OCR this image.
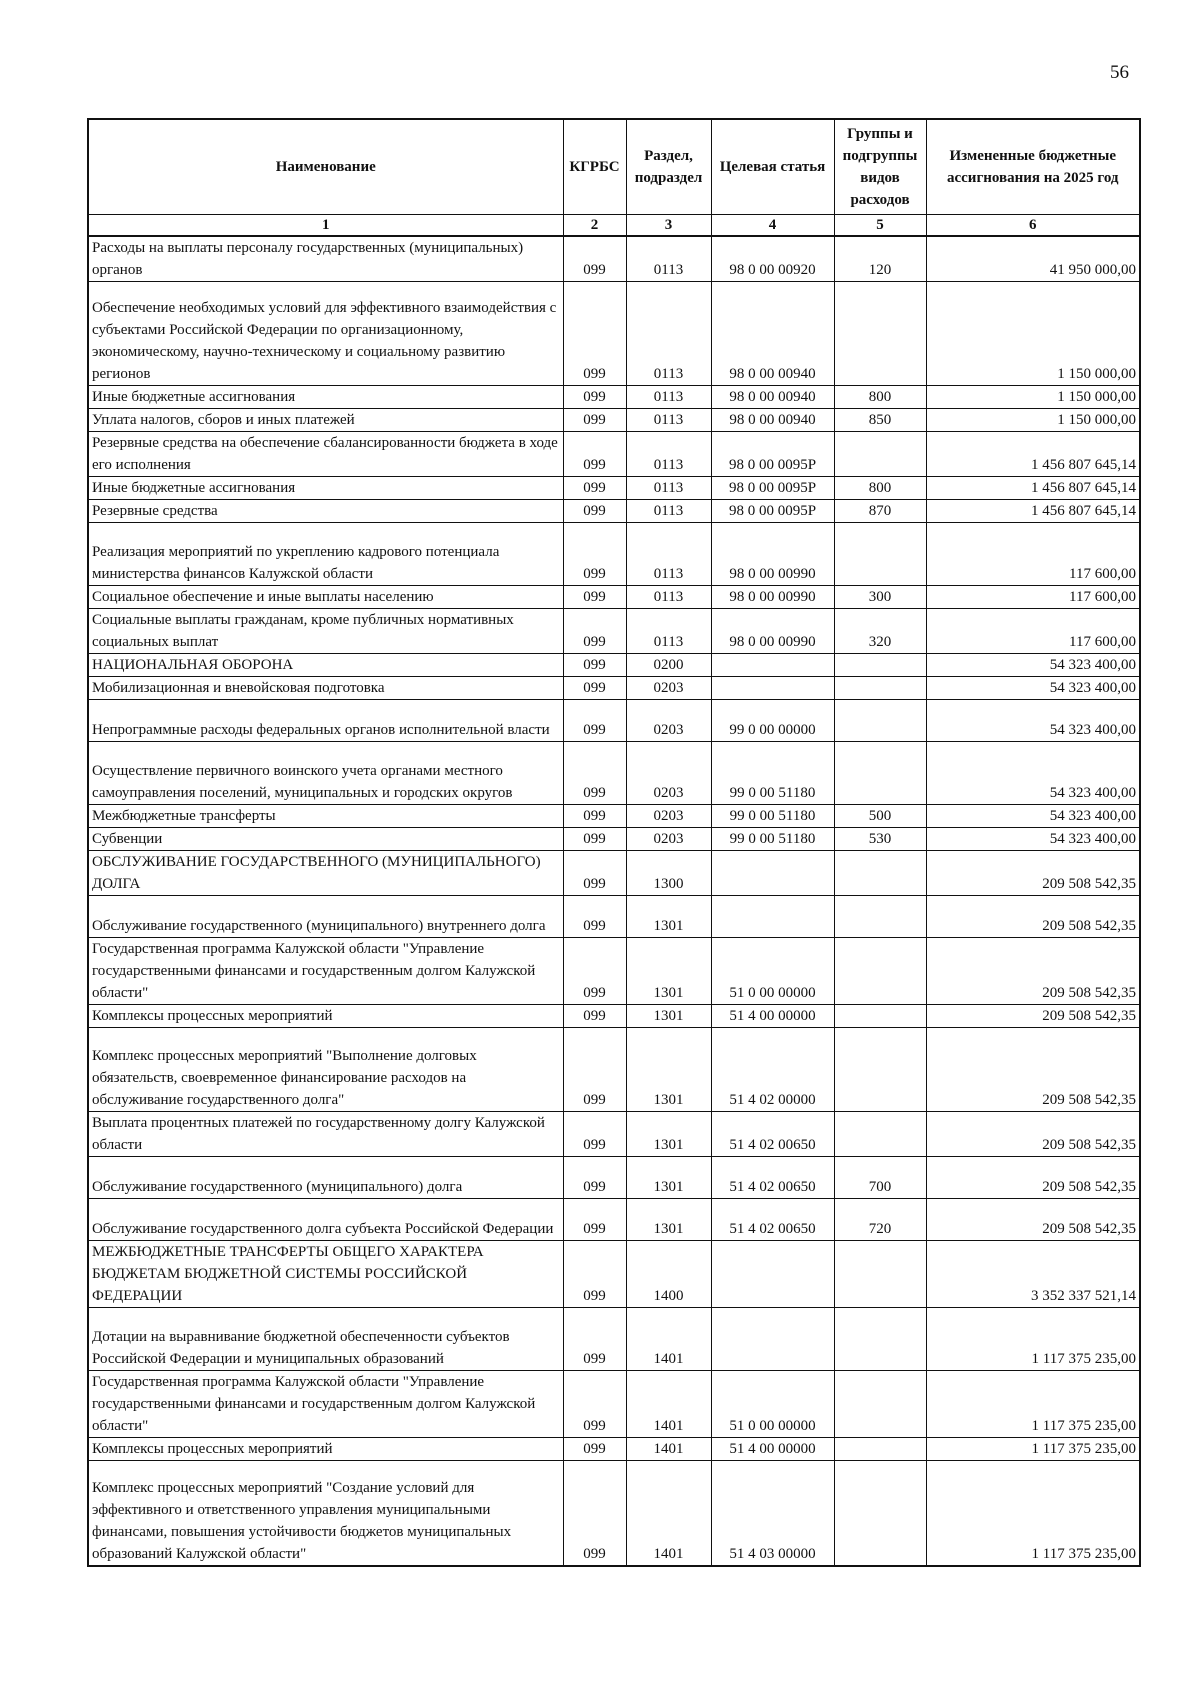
56
Наименование	КГРБС	Раздел, подраздел	Целевая статья	Группы и подгруппы видов расходов	Измененные бюджетные ассигнования на 2025 год
1	2	3	4	5	6
Расходы на выплаты персоналу государственных (муниципальных) органов	099	0113	98 0 00 00920	120	41 950 000,00
Обеспечение необходимых условий для эффективного взаимодействия с субъектами Российской Федерации по организационному, экономическому, научно-техническому и социальному развитию регионов	099	0113	98 0 00 00940		1 150 000,00
Иные бюджетные ассигнования	099	0113	98 0 00 00940	800	1 150 000,00
Уплата налогов, сборов и иных платежей	099	0113	98 0 00 00940	850	1 150 000,00
Резервные средства на обеспечение сбалансированности бюджета в ходе его исполнения	099	0113	98 0 00 0095Р		1 456 807 645,14
Иные бюджетные ассигнования	099	0113	98 0 00 0095Р	800	1 456 807 645,14
Резервные средства	099	0113	98 0 00 0095Р	870	1 456 807 645,14
Реализация мероприятий по укреплению кадрового потенциала министерства финансов Калужской области	099	0113	98 0 00 00990		117 600,00
Социальное обеспечение и иные выплаты населению	099	0113	98 0 00 00990	300	117 600,00
Социальные выплаты гражданам, кроме публичных нормативных социальных выплат	099	0113	98 0 00 00990	320	117 600,00
НАЦИОНАЛЬНАЯ ОБОРОНА	099	0200			54 323 400,00
Мобилизационная и вневойсковая подготовка	099	0203			54 323 400,00
Непрограммные расходы федеральных органов исполнительной власти	099	0203	99 0 00 00000		54 323 400,00
Осуществление первичного воинского учета органами местного самоуправления поселений, муниципальных и городских округов	099	0203	99 0 00 51180		54 323 400,00
Межбюджетные трансферты	099	0203	99 0 00 51180	500	54 323 400,00
Субвенции	099	0203	99 0 00 51180	530	54 323 400,00
ОБСЛУЖИВАНИЕ ГОСУДАРСТВЕННОГО (МУНИЦИПАЛЬНОГО) ДОЛГА	099	1300			209 508 542,35
Обслуживание государственного (муниципального) внутреннего долга	099	1301			209 508 542,35
Государственная программа Калужской области "Управление государственными финансами и государственным долгом Калужской области"	099	1301	51 0 00 00000		209 508 542,35
Комплексы процессных мероприятий	099	1301	51 4 00 00000		209 508 542,35
Комплекс процессных мероприятий "Выполнение долговых обязательств, своевременное финансирование расходов на обслуживание государственного долга"	099	1301	51 4 02 00000		209 508 542,35
Выплата процентных платежей по государственному долгу Калужской области	099	1301	51 4 02 00650		209 508 542,35
Обслуживание государственного (муниципального) долга	099	1301	51 4 02 00650	700	209 508 542,35
Обслуживание государственного долга субъекта Российской Федерации	099	1301	51 4 02 00650	720	209 508 542,35
МЕЖБЮДЖЕТНЫЕ ТРАНСФЕРТЫ ОБЩЕГО ХАРАКТЕРА БЮДЖЕТАМ БЮДЖЕТНОЙ СИСТЕМЫ РОССИЙСКОЙ ФЕДЕРАЦИИ	099	1400			3 352 337 521,14
Дотации на выравнивание бюджетной обеспеченности субъектов Российской Федерации и муниципальных образований	099	1401			1 117 375 235,00
Государственная программа Калужской области "Управление государственными финансами и государственным долгом Калужской области"	099	1401	51 0 00 00000		1 117 375 235,00
Комплексы процессных мероприятий	099	1401	51 4 00 00000		1 117 375 235,00
Комплекс процессных мероприятий "Создание условий для эффективного и ответственного управления муниципальными финансами, повышения устойчивости бюджетов муниципальных образований Калужской области"	099	1401	51 4 03 00000		1 117 375 235,00
